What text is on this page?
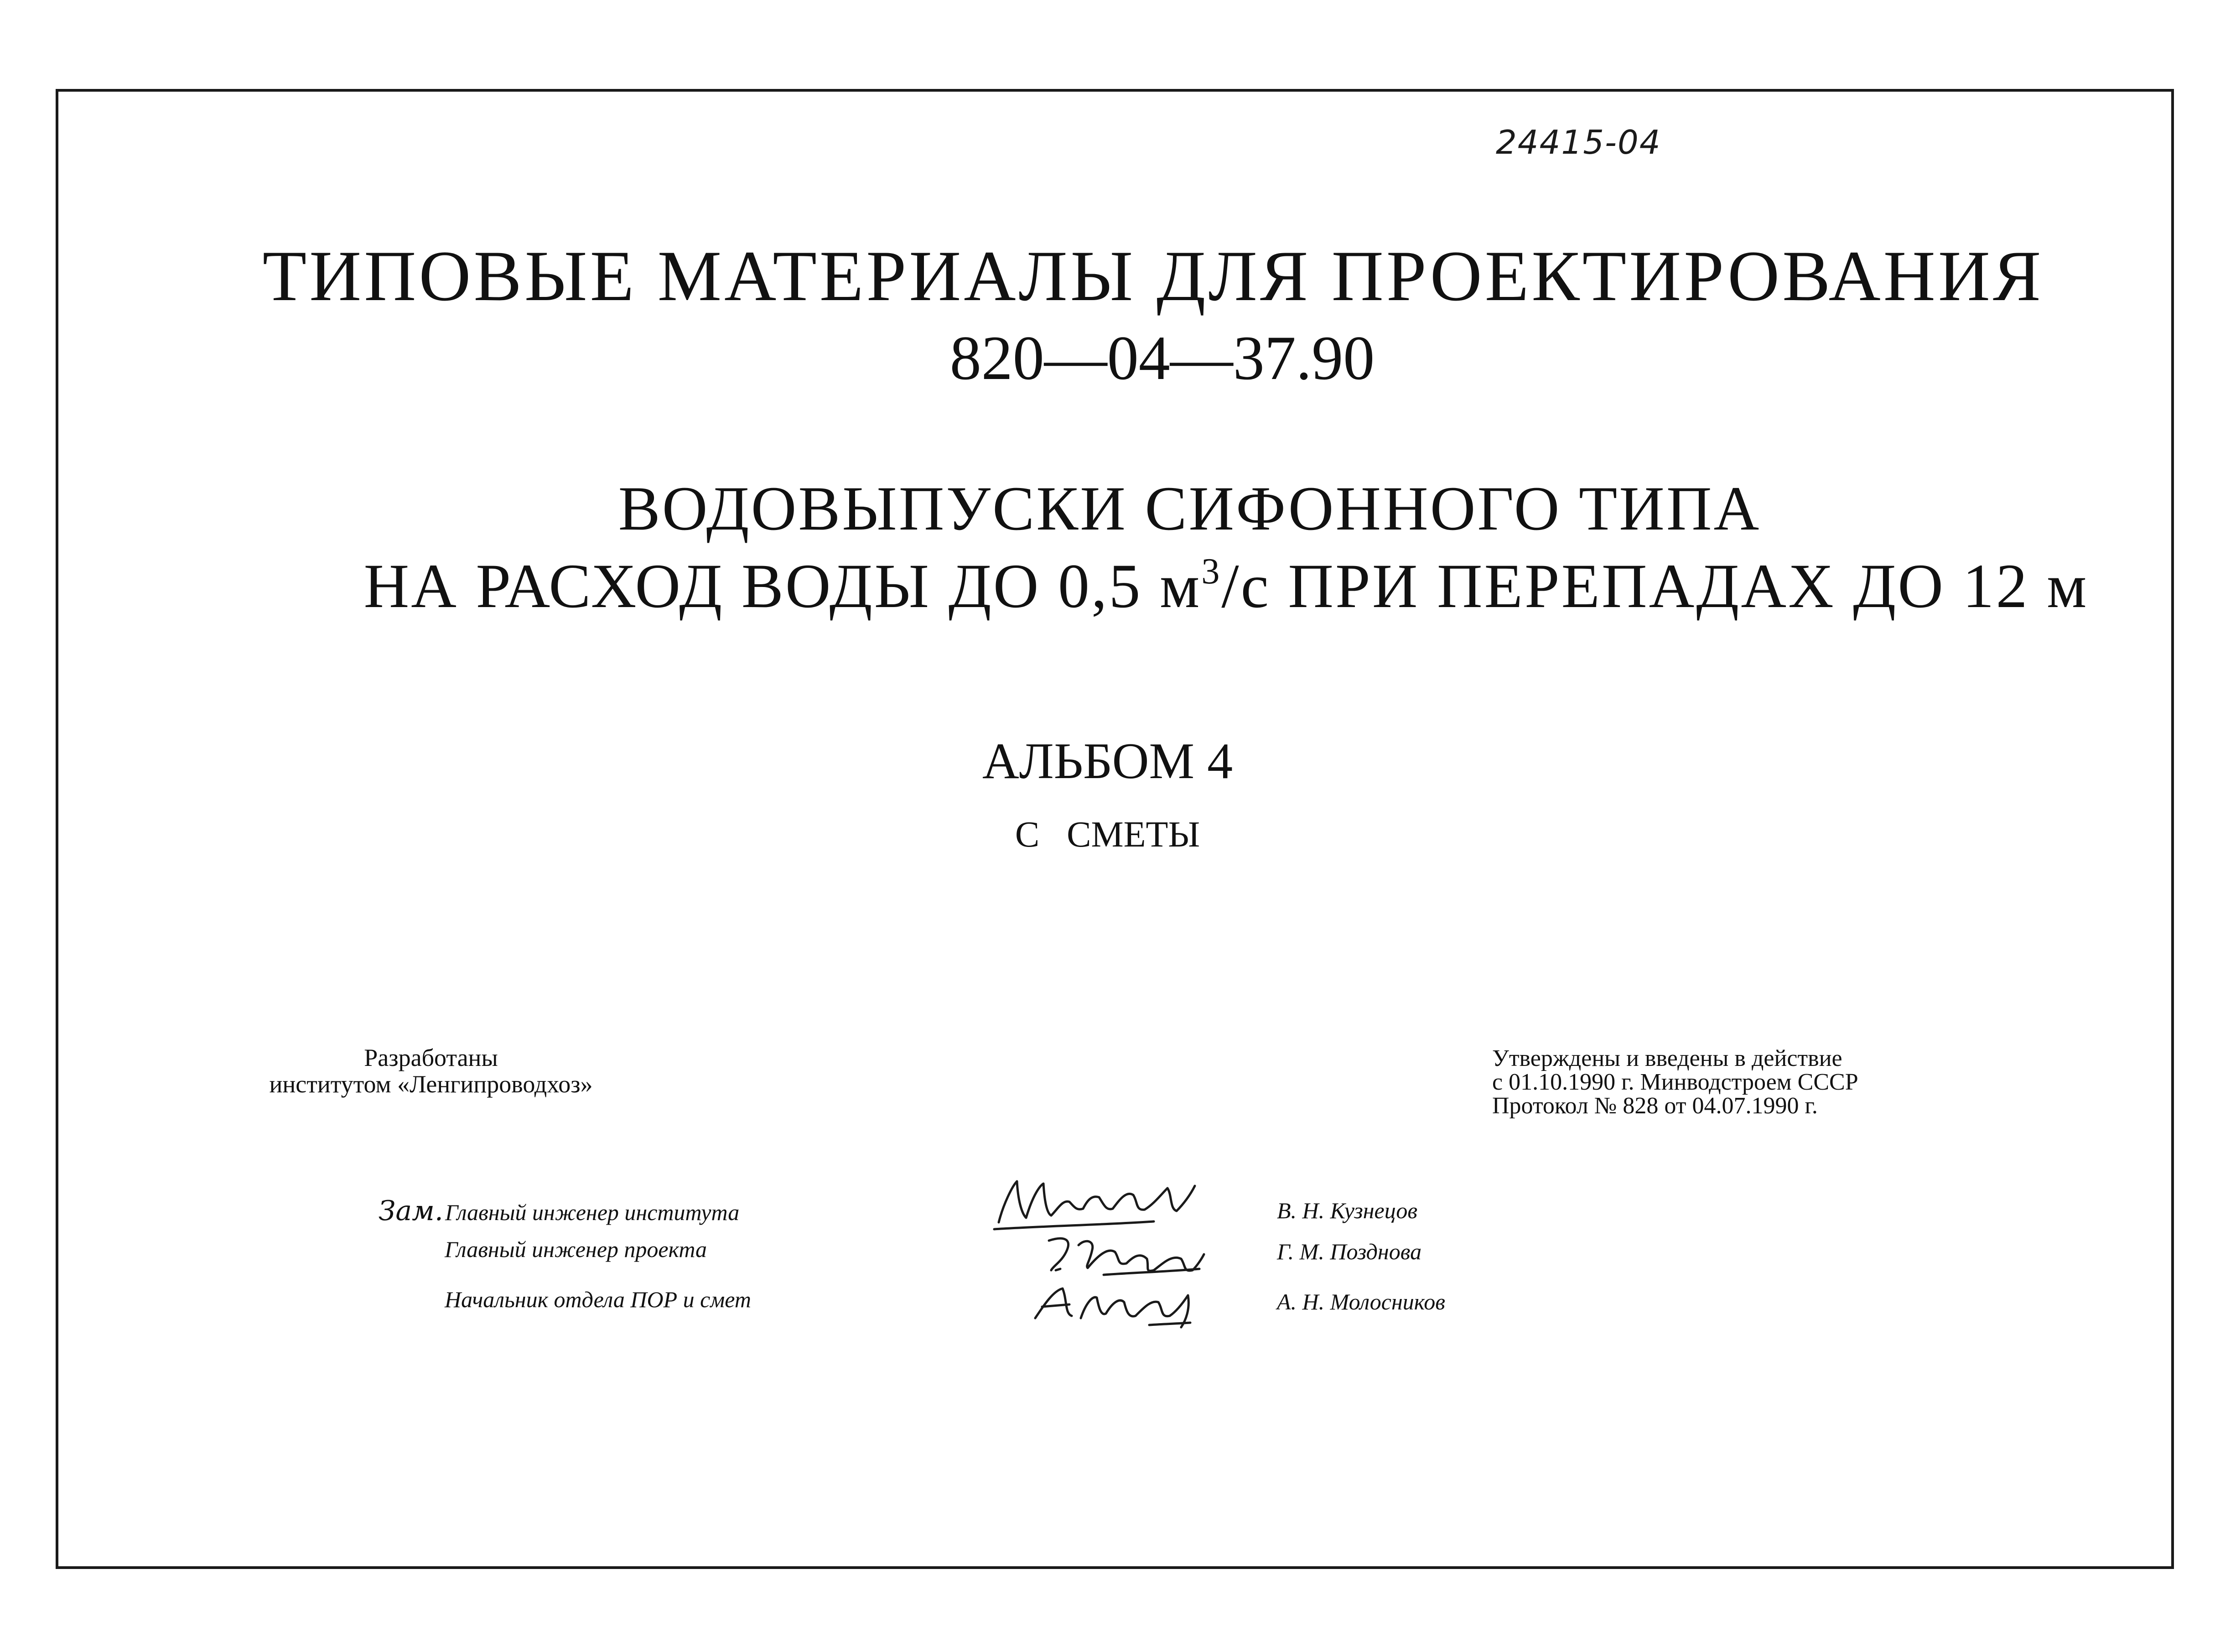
24415-04
ТИПОВЫЕ МАТЕРИАЛЫ ДЛЯ ПРОЕКТИРОВАНИЯ
820—04—37.90
ВОДОВЫПУСКИ СИФОННОГО ТИПА
НА РАСХОД ВОДЫ ДО 0,5 $м^3/с$ ПРИ ПЕРЕПАДАХ ДО 12 м
АЛЬБОМ 4
С СМЕТЫ
Разработаны
институтом «Ленгипроводхоз»
Утверждены и введены в действие
с 01.10.1990 г. Минводстроем СССР
Протокол № 828 от 04.07.1990 г.
Зам.Главный инженер института
Главный инженер проекта
Начальник отдела ПОР и смет
В. Н. Кузнецов
Г. М. Позднова
А. Н. Молосников
